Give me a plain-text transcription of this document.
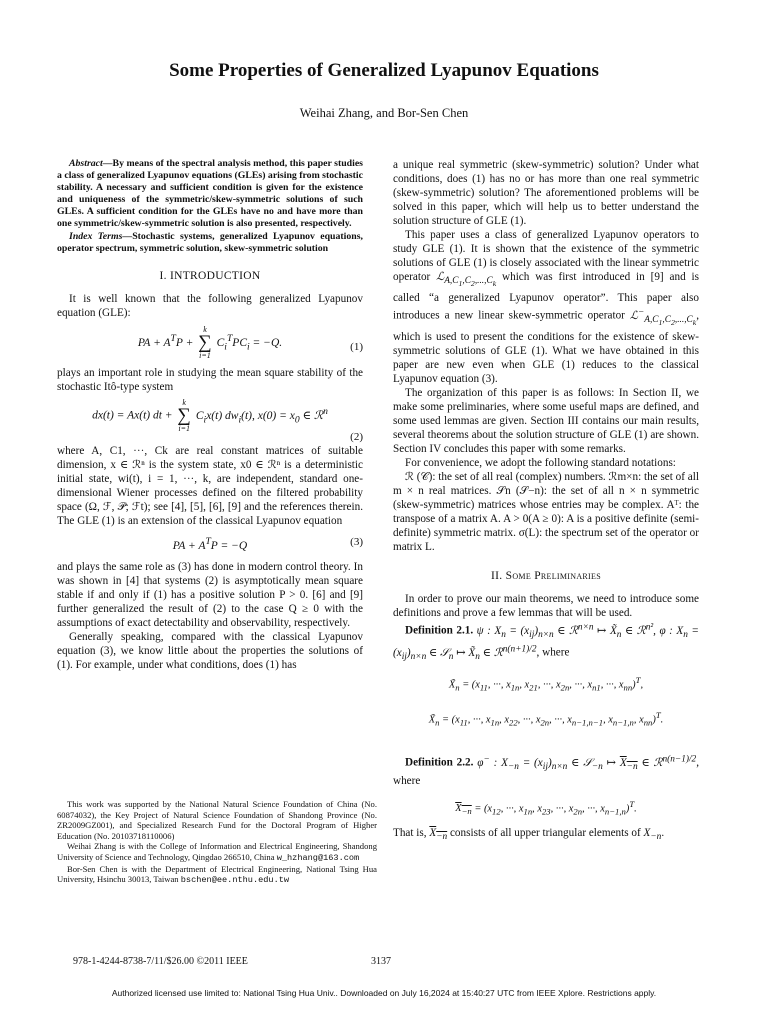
Some Properties of Generalized Lyapunov Equations
Weihai Zhang, and Bor-Sen Chen

Abstract—By means of the spectral analysis method, this paper studies a class of generalized Lyapunov equations (GLEs) arising from stochastic stability. A necessary and sufficient condition is given for the existence and uniqueness of the symmetric/skew-symmetric solutions of such GLEs. A sufficient condition for the GLEs have no and have more than one symmetric/skew-symmetric solution is also presented, respectively.

Index Terms—Stochastic systems, generalized Lyapunov equations, operator spectrum, symmetric solution, skew-symmetric solution

I. INTRODUCTION

It is well known that the following generalized Lyapunov equation (GLE):

PA + $A^TP$ +
k
∑
i=1
$C_i^TPC_i = -Q$.	(1)

plays an important role in studying the mean square stability of the stochastic Itô-type system

dx(t) = Ax(t) dt +
k
∑
i=1
$C_ix(t)$ $dw_i(t)$, $x(0) = x_0$ ∈ ℛ$^n$
(2)

where A, C1, ···, Ck are real constant matrices of suitable dimension, x ∈ ℛⁿ is the system state, x0 ∈ ℛⁿ is a deterministic initial state, wi(t), i = 1, ···, k, are independent, standard one-dimensional Wiener processes defined on the filtered probability space (Ω, ℱ, 𝒫; ℱt); see [4], [5], [6], [9] and the references therein. The GLE (1) is an extension of the classical Lyapunov equation

PA + $A^TP = -Q$	(3)

and plays the same role as (3) has done in modern control theory. In was shown in [4] that systems (2) is asymptotically mean square stable if and only if (1) has a positive solution P > 0. [6] and [9] further generalized the result of (2) to the case Q ≥ 0 with the assumptions of exact detectability and observability, respectively.

Generally speaking, compared with the classical Lyapunov equation (3), we know little about the properties the solutions of (1). For example, under what conditions, does (1) has

This work was supported by the National Natural Science Foundation of China (No. 60874032), the Key Project of Natural Science Foundation of Shandong Province (No. ZR2009GZ001), and Specialized Research Fund for the Doctoral Program of Higher Education (No. 20103718110006)

Weihai Zhang is with the College of Information and Electrical Engineering, Shandong University of Science and Technology, Qingdao 266510, China w_hzhang@163.com

Bor-Sen Chen is with the Department of Electrical Engineering, National Tsing Hua University, Hsinchu 30013, Taiwan bschen@ee.nthu.edu.tw

a unique real symmetric (skew-symmetric) solution? Under what conditions, does (1) has no or has more than one real symmetric (skew-symmetric) solution? The aforementioned problems will be solved in this paper, which will help us to better understand the solution structure of GLE (1).

This paper uses a class of generalized Lyapunov operators to study GLE (1). It is shown that the existence of the symmetric solutions of GLE (1) is closely associated with the linear symmetric operator ℒ$_{A,C_1,C_2,...,C_k}$ which was first introduced in [9] and is called “a generalized Lyapunov operator”. This paper also introduces a new linear skew-symmetric operator ℒ−$_{A,C_1,C_2,...,C_k}$, which is used to present the conditions for the existence of skew-symmetric solutions of GLE (1). What we have obtained in this paper are new even when GLE (1) reduces to the classical Lyapunov equation (3).

The organization of this paper is as follows: In Section II, we make some preliminaries, where some useful maps are defined, and some used lemmas are given. Section III contains our main results, several theorems about the solution structure of GLE (1) are shown. Section IV concludes this paper with some remarks.

For convenience, we adopt the following standard notations:

ℛ (𝒞): the set of all real (complex) numbers. ℛm×n: the set of all m × n real matrices. 𝒮n (𝒮−n): the set of all n × n symmetric (skew-symmetric) matrices whose entries may be complex. Aᵀ: the transpose of a matrix A. A > 0(A ≥ 0): A is a positive definite (semi-definite) symmetric matrix. σ(L): the spectrum set of the operator or matrix L.

II. Some Preliminaries

In order to prove our main theorems, we need to introduce some definitions and prove a few lemmas that will be used.

Definition 2.1. ψ : $X_n = (x_{ij})_{n\times n}$ ∈ ℛ$^{n\times n}$ ↦ $X̃_n$ ∈ ℛ$^{n^2}$, φ : $X_n = (x_{ij})_{n\times n}$ ∈ 𝒮$_n$ ↦ $X̃_n$ ∈ ℛ$^{n(n+1)/2}$, where

$X̃_n = (x_{11}$, ···, $x_{1n}$, $x_{21}$, ···, $x_{2n}$, ···, $x_{n1}$, ···, $x_{nn})^T$,
$X̃_n = (x_{11}$, ···, $x_{1n}$, $x_{22}$, ···, $x_{2n}$, ···, $x_{n-1,n-1}$, $x_{n-1,n}$, $x_{nn})^T$.

Definition 2.2. φ− : $X_{-n} = (x_{ij})_{n\times n}$ ∈ 𝒮$_{-n}$ ↦ $X_{-n}$ ∈ ℛ$^{n(n-1)/2}$, where

$X_{-n} = (x_{12}$, ···, $x_{1n}$, $x_{23}$, ···, $x_{2n}$, ···, $x_{n-1,n})^T$.

That is, $X_{-n}$ consists of all upper triangular elements of $X_{-n}$.

978-1-4244-8738-7/11/$26.00 ©2011 IEEE	3137
Authorized licensed use limited to: National Tsing Hua Univ.. Downloaded on July 16,2024 at 15:40:27 UTC from IEEE Xplore. Restrictions apply.
